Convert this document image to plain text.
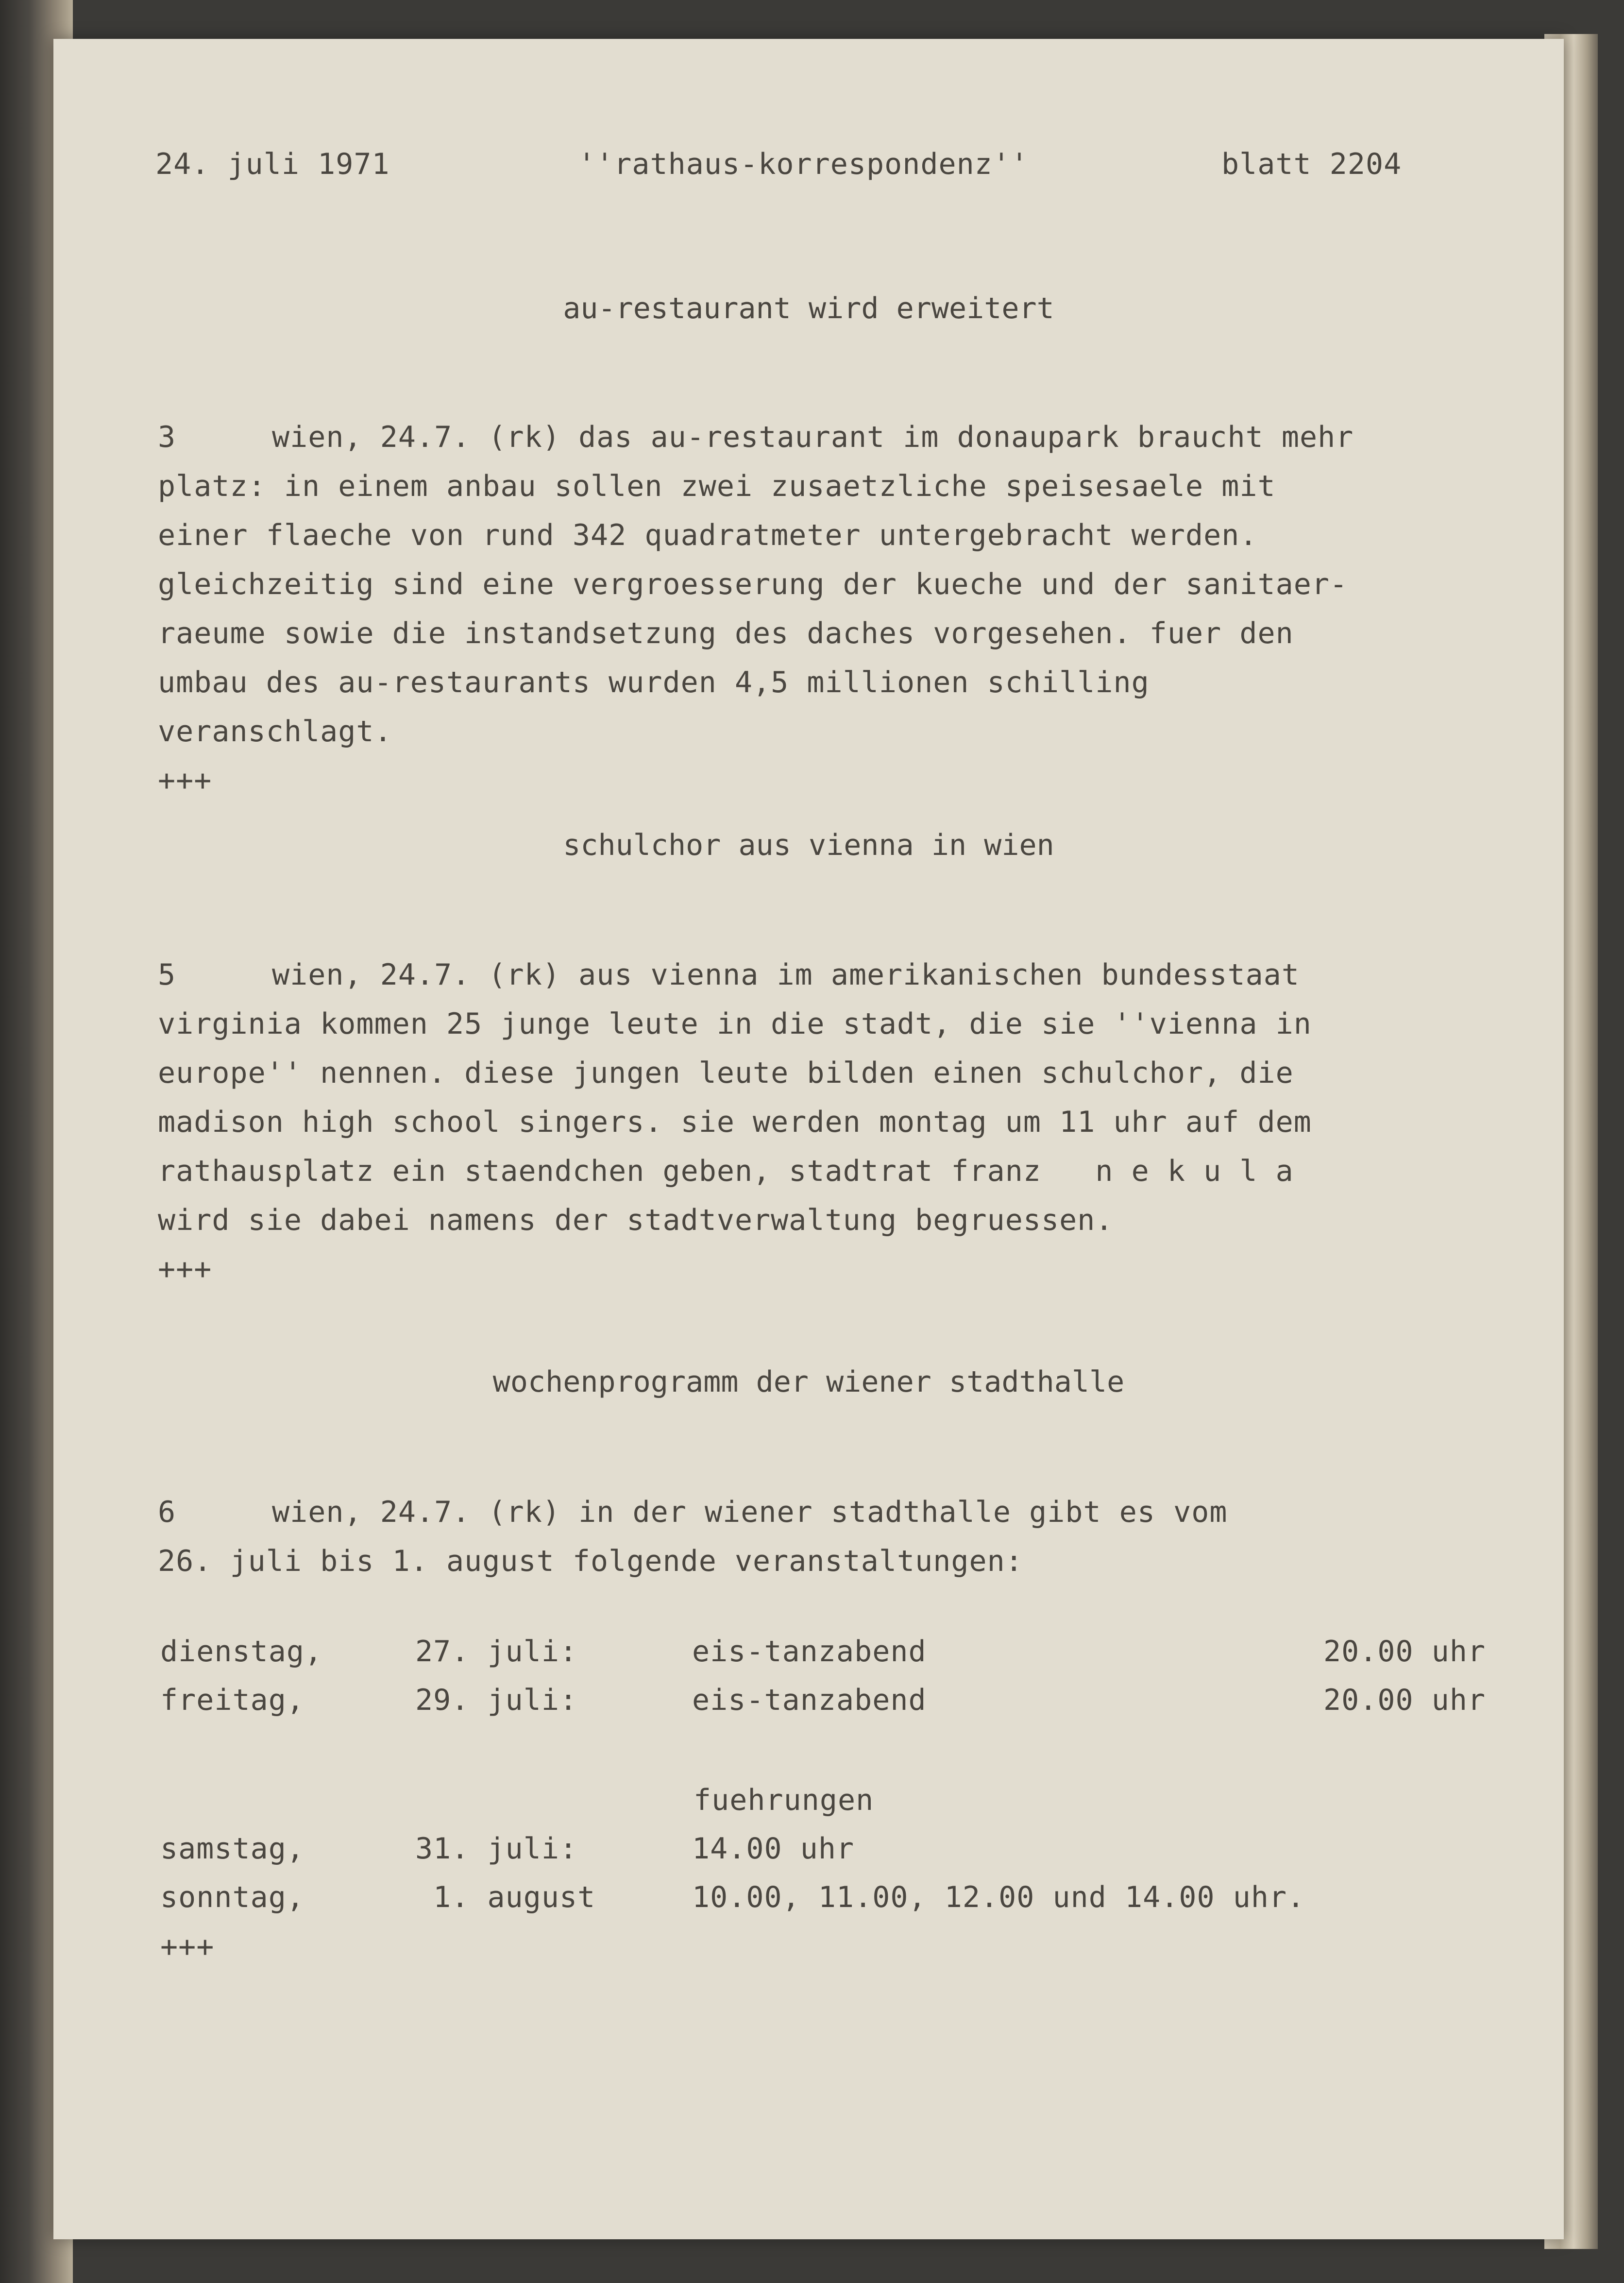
24. juli 1971	''rathaus-korrespondenz''	blatt 2204
au-restaurant wird erweitert
3	wien, 24.7. (rk) das au-restaurant im donaupark braucht mehr
platz: in einem anbau sollen zwei zusaetzliche speisesaele mit
einer flaeche von rund 342 quadratmeter untergebracht werden.
gleichzeitig sind eine vergroesserung der kueche und der sanitaer-
raeume sowie die instandsetzung des daches vorgesehen. fuer den
umbau des au-restaurants wurden 4,5 millionen schilling
veranschlagt.
+++
schulchor aus vienna in wien
5	wien, 24.7. (rk) aus vienna im amerikanischen bundesstaat
virginia kommen 25 junge leute in die stadt, die sie ''vienna in
europe'' nennen. diese jungen leute bilden einen schulchor, die
madison high school singers. sie werden montag um 11 uhr auf dem
rathausplatz ein staendchen geben, stadtrat franz   n e k u l a
wird sie dabei namens der stadtverwaltung begruessen.
+++
wochenprogramm der wiener stadthalle
6	wien, 24.7. (rk) in der wiener stadthalle gibt es vom
26. juli bis 1. august folgende veranstaltungen:
dienstag,	27. juli:	eis-tanzabend	20.00 uhr
freitag,	29. juli:	eis-tanzabend	20.00 uhr
fuehrungen
samstag,	31. juli:	14.00 uhr
sonntag,	1. august	10.00, 11.00, 12.00 und 14.00 uhr.
+++
